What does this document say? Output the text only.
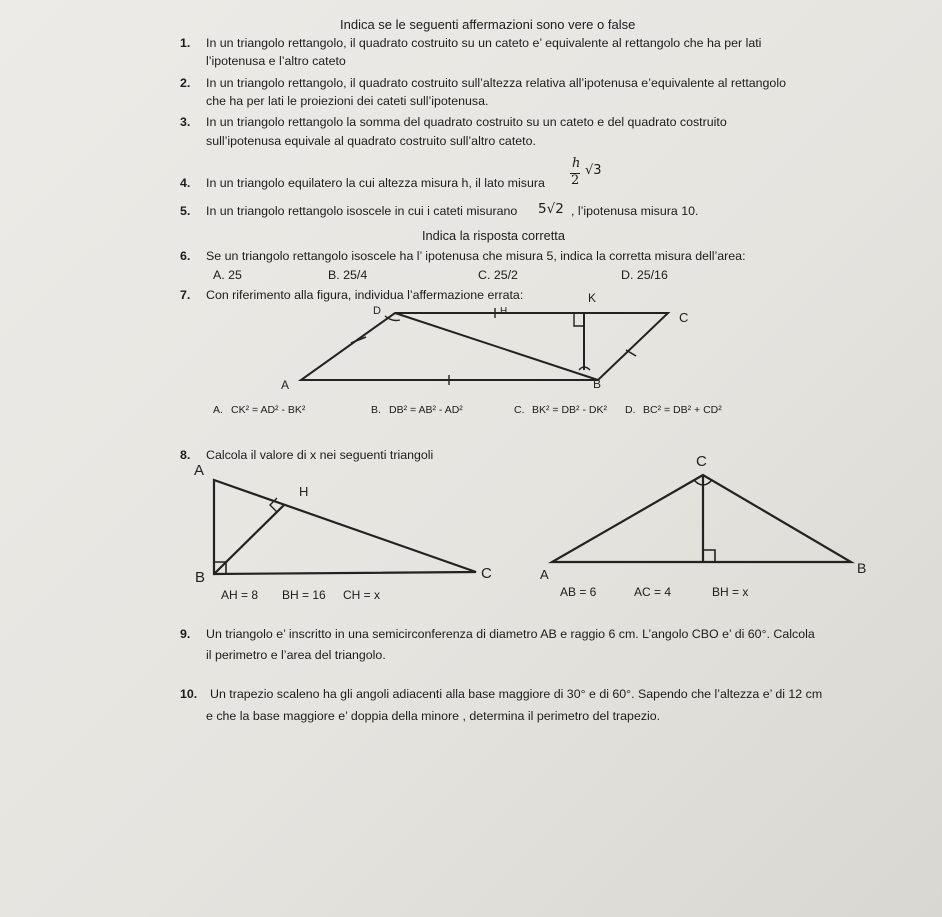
Indica se le seguenti affermazioni sono vere o false
1. In un triangolo rettangolo, il quadrato costruito su un cateto e’ equivalente al rettangolo che ha per lati
l’ipotenusa e l’altro cateto
2. In un triangolo rettangolo, il quadrato costruito sull’altezza relativa all’ipotenusa e’equivalente al rettangolo
che ha per lati le proiezioni dei cateti sull’ipotenusa.
3. In un triangolo rettangolo la somma del quadrato costruito su un cateto e del quadrato costruito
sull’ipotenusa equivale al quadrato costruito sull’altro cateto.
4. In un triangolo equilatero la cui altezza misura h, il lato misura
h
2
√3
5. In un triangolo rettangolo isoscele in cui i cateti misurano 5√2 , l’ipotenusa misura 10.
Indica la risposta corretta
6. Se un triangolo rettangolo isoscele ha l’ ipotenusa che misura 5, indica la corretta misura dell’area:
A. 25	B. 25/4	C. 25/2	D. 25/16
7. Con riferimento alla figura, individua l’affermazione errata:
A	B
C
D	H
K
A
H
B	C
C
A	B
A. CK² = AD² - BK²	B. DB² = AB² - AD²	C. BK² = DB² - DK² D. BC² = DB² + CD²
8. Calcola il valore di x nei seguenti triangoli
AH = 8 BH = 16 CH = x	AB = 6	AC = 4	BH = x
9. Un triangolo e’ inscritto in una semicirconferenza di diametro AB e raggio 6 cm. L’angolo CBO e’ di 60°. Calcola
il perimetro e l’area del triangolo.
10. Un trapezio scaleno ha gli angoli adiacenti alla base maggiore di 30° e di 60°. Sapendo che l’altezza e’ di 12 cm
e che la base maggiore e’ doppia della minore , determina il perimetro del trapezio.
